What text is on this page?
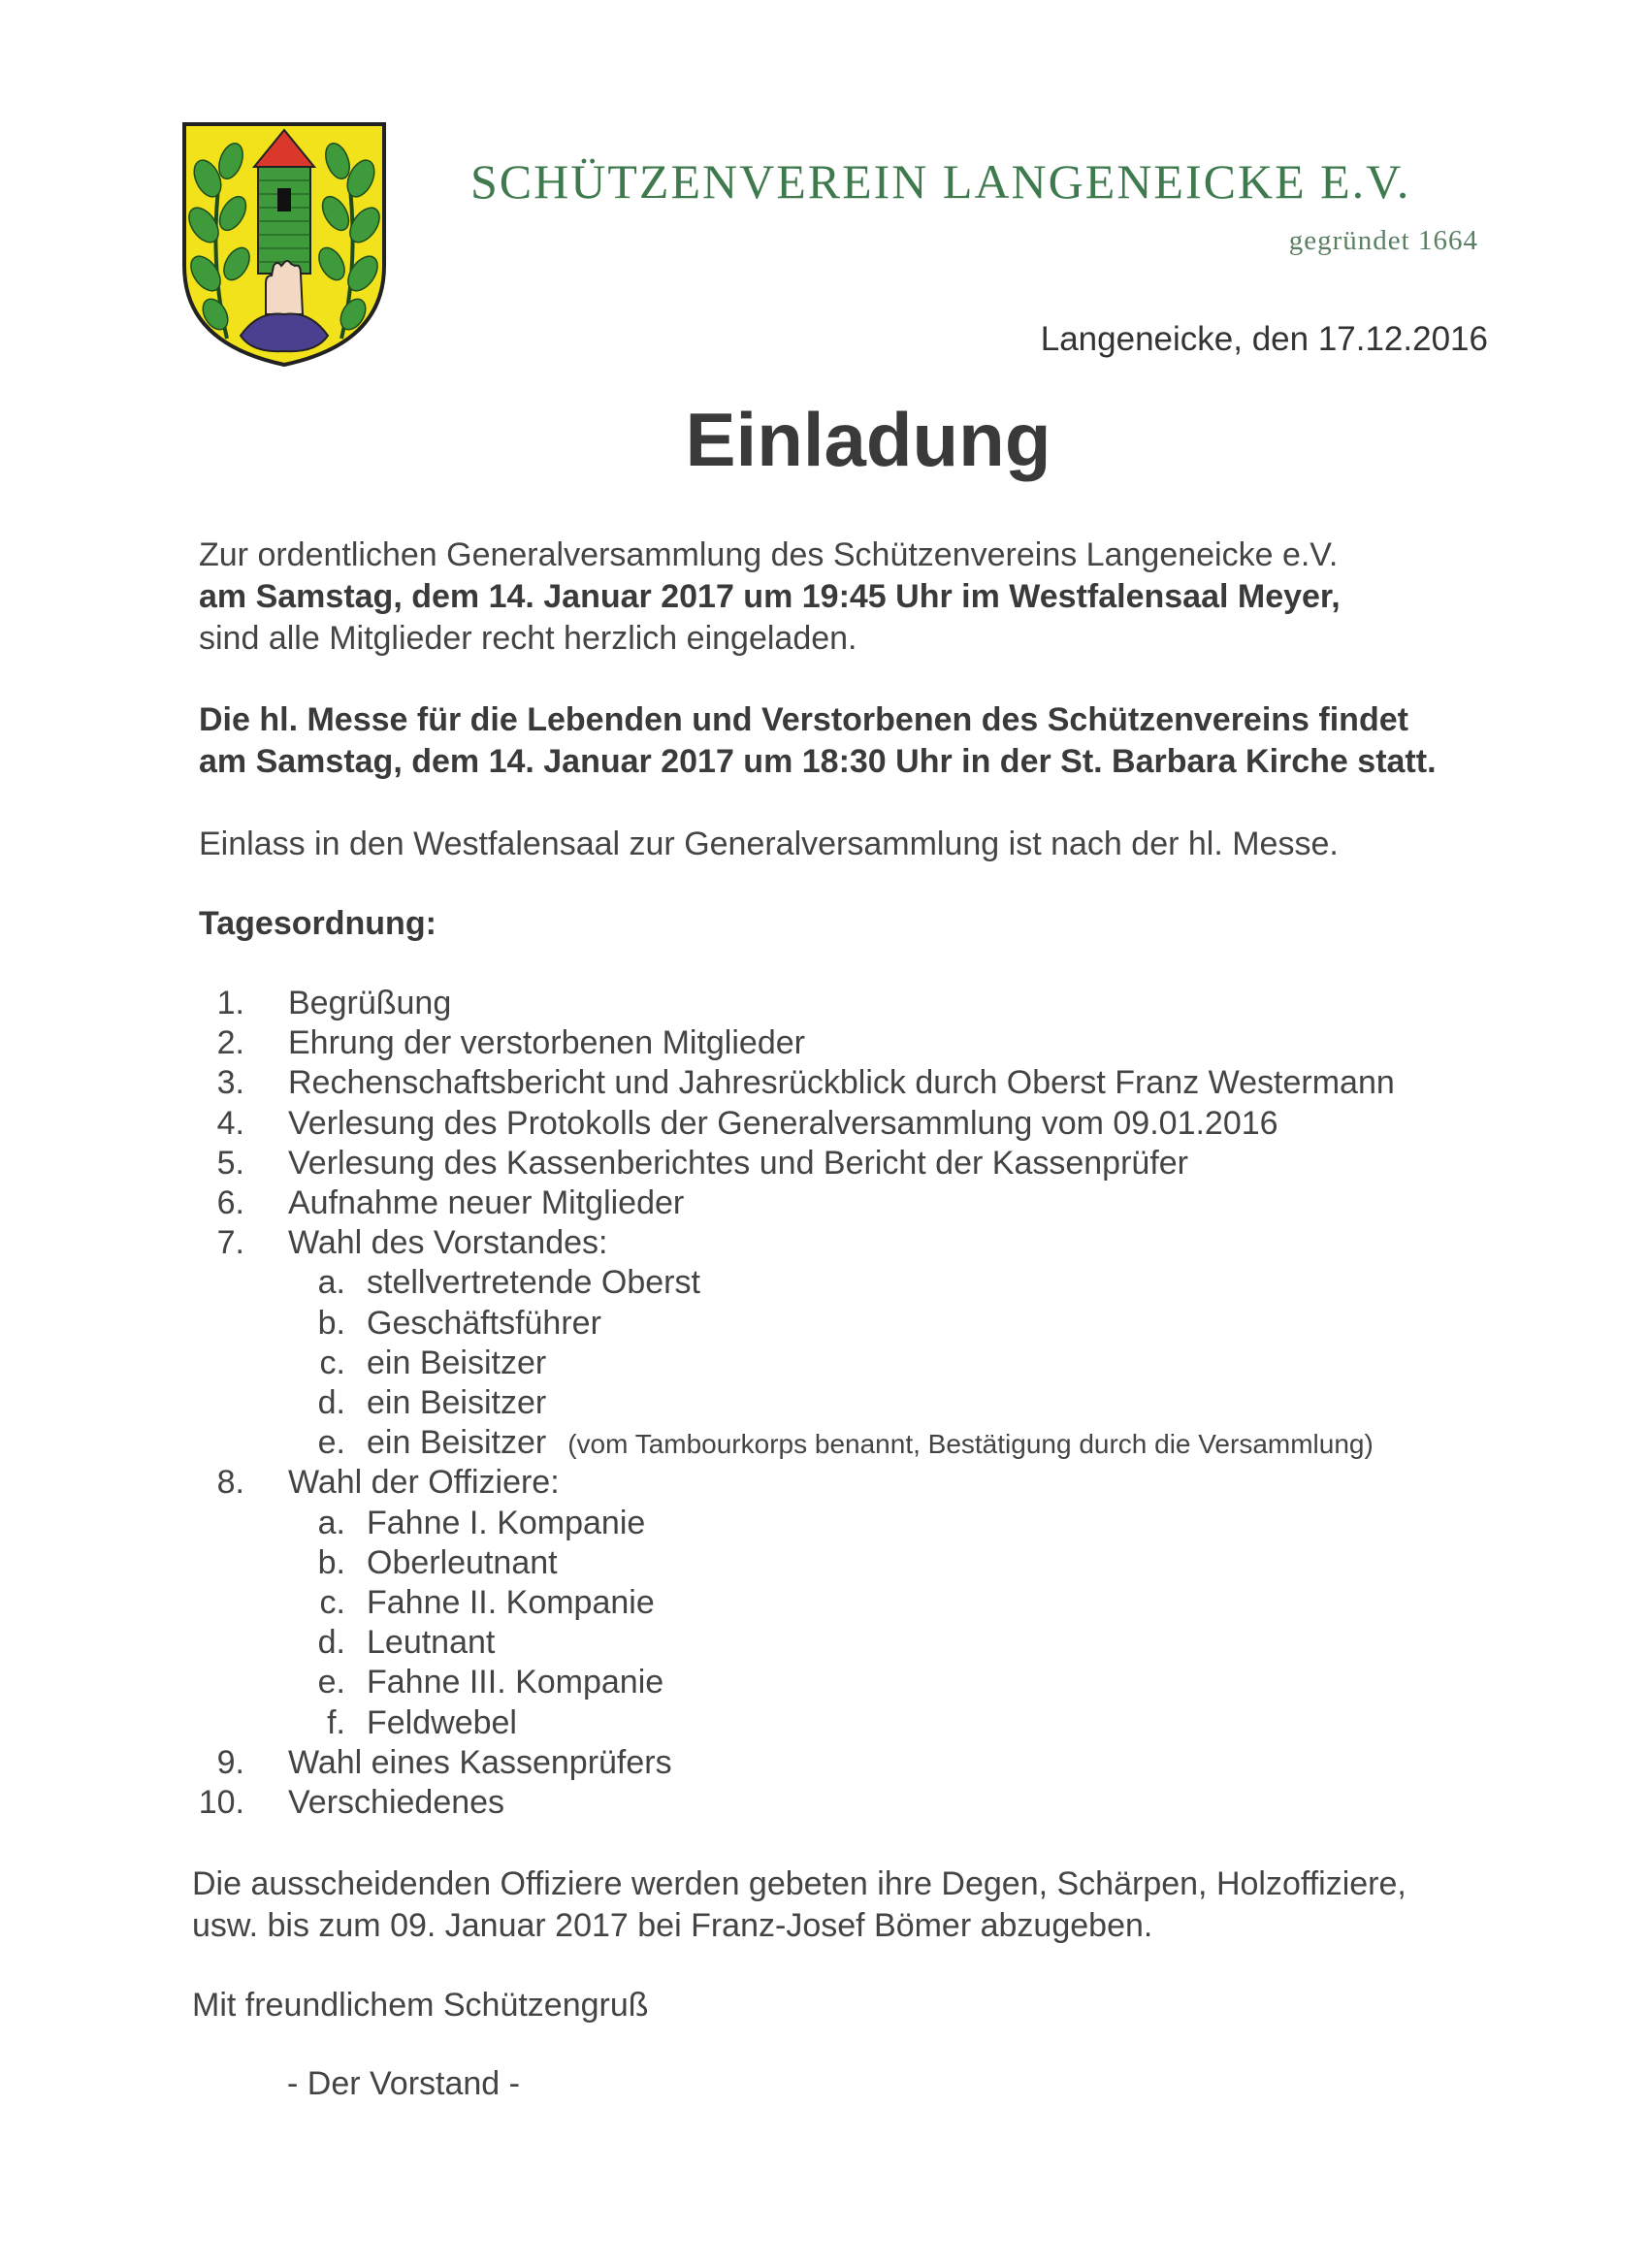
SCHÜTZENVEREIN LANGENEICKE E.V.
gegründet 1664
Langeneicke, den 17.12.2016
Einladung
Zur ordentlichen Generalversammlung des Schützenvereins Langeneicke e.V.
am Samstag, dem 14. Januar 2017 um 19:45 Uhr im Westfalensaal Meyer,
sind alle Mitglieder recht herzlich eingeladen.
Die hl. Messe für die Lebenden und Verstorbenen des Schützenvereins findet
am Samstag, dem 14. Januar 2017 um 18:30 Uhr in der St. Barbara Kirche statt.
Einlass in den Westfalensaal zur Generalversammlung ist nach der hl. Messe.
Tagesordnung:
1. Begrüßung
2. Ehrung der verstorbenen Mitglieder
3. Rechenschaftsbericht und Jahresrückblick durch Oberst Franz Westermann
4. Verlesung des Protokolls der Generalversammlung vom 09.01.2016
5. Verlesung des Kassenberichtes und Bericht der Kassenprüfer
6. Aufnahme neuer Mitglieder
7. Wahl des Vorstandes:
a. stellvertretende Oberst
b. Geschäftsführer
c. ein Beisitzer
d. ein Beisitzer
e. ein Beisitzer (vom Tambourkorps benannt, Bestätigung durch die Versammlung)
8. Wahl der Offiziere:
a. Fahne I. Kompanie
b. Oberleutnant
c. Fahne II. Kompanie
d. Leutnant
e. Fahne III. Kompanie
f. Feldwebel
9. Wahl eines Kassenprüfers
10. Verschiedenes
Die ausscheidenden Offiziere werden gebeten ihre Degen, Schärpen, Holzoffiziere,
usw. bis zum 09. Januar 2017 bei Franz-Josef Bömer abzugeben.
Mit freundlichem Schützengruß
- Der Vorstand -
